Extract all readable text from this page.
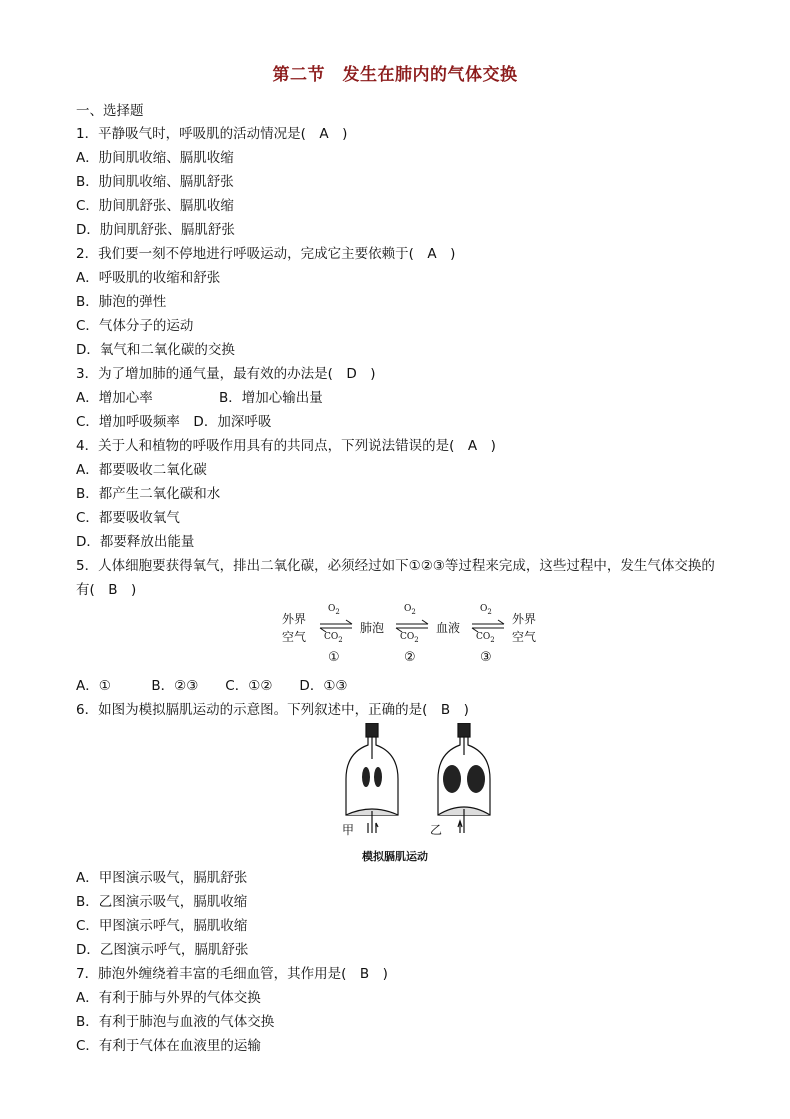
第二节　发生在肺内的气体交换
一、选择题
1．平静吸气时，呼吸肌的活动情况是(　A　)
A．肋间肌收缩、膈肌收缩
B．肋间肌收缩、膈肌舒张
C．肋间肌舒张、膈肌收缩
D．肋间肌舒张、膈肌舒张
2．我们要一刻不停地进行呼吸运动，完成它主要依赖于(　A　)
A．呼吸肌的收缩和舒张
B．肺泡的弹性
C．气体分子的运动
D．氧气和二氧化碳的交换
3．为了增加肺的通气量，最有效的办法是(　D　)
A．增加心率	B．增加心输出量
C．增加呼吸频率　D．加深呼吸
4．关于人和植物的呼吸作用具有的共同点，下列说法错误的是(　A　)
A．都要吸收二氧化碳
B．都产生二氧化碳和水
C．都要吸收氧气
D．都要释放出能量
5．人体细胞要获得氧气，排出二氧化碳，必须经过如下①②③等过程来完成，这些过程中，发生气体交换的
有(　B　)
外界
空气
$O_2$
$CO_2$
肺泡
$O_2$
$CO_2$
血液
$O_2$
$CO_2$
外界
空气
①	②	③
A．①　　　B．②③　　C．①②　　D．①③
6．如图为模拟膈肌运动的示意图。下列叙述中，正确的是(　B　)
甲	乙
模拟膈肌运动
A．甲图演示吸气，膈肌舒张
B．乙图演示吸气，膈肌收缩
C．甲图演示呼气，膈肌收缩
D．乙图演示呼气，膈肌舒张
7．肺泡外缠绕着丰富的毛细血管，其作用是(　B　)
A．有利于肺与外界的气体交换
B．有利于肺泡与血液的气体交换
C．有利于气体在血液里的运输
